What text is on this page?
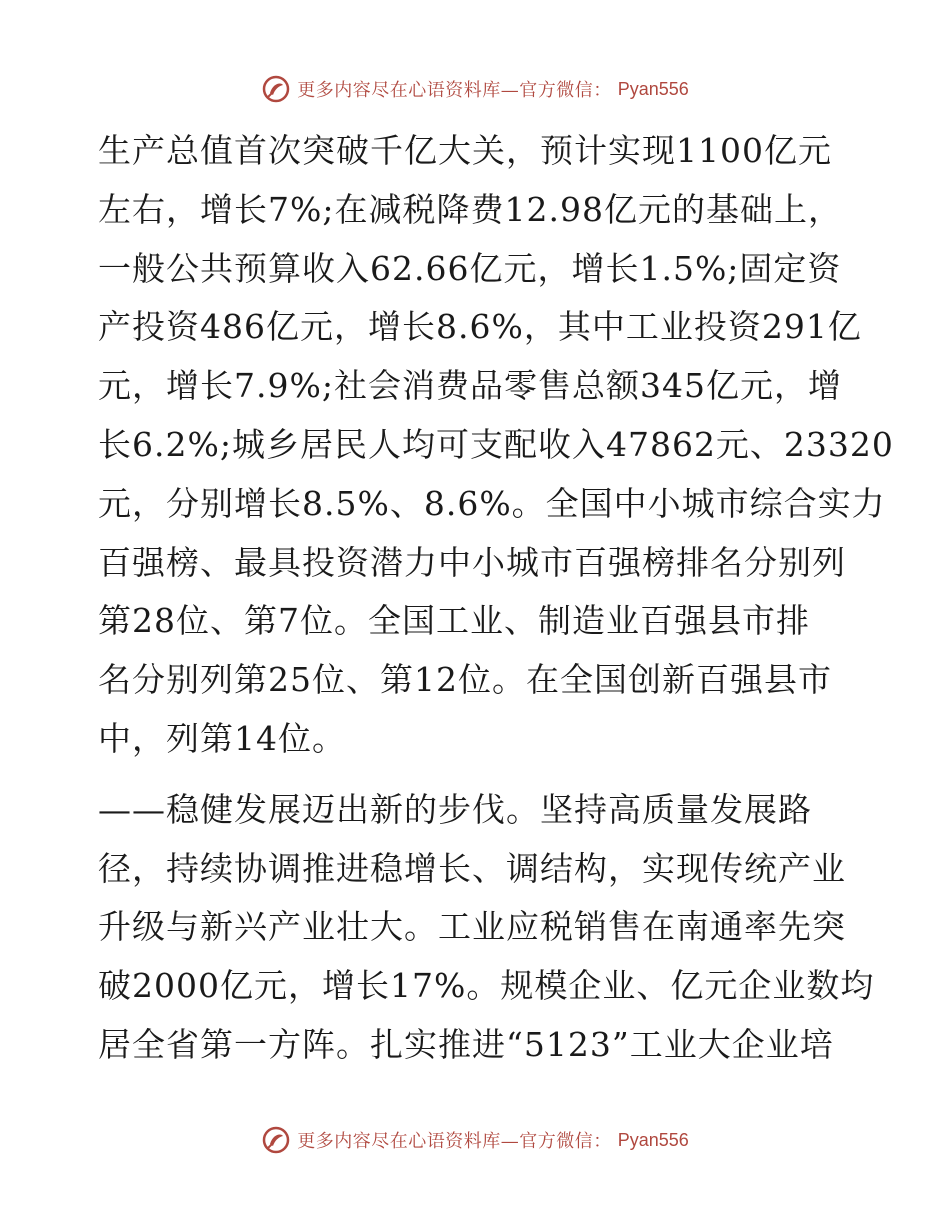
更多内容尽在心语资料库—官方微信： Pyan556
生产总值首次突破千亿大关，预计实现1100亿元
左右，增长7%;在减税降费12.98亿元的基础上，
一般公共预算收入62.66亿元，增长1.5%;固定资
产投资486亿元，增长8.6%，其中工业投资291亿
元，增长7.9%;社会消费品零售总额345亿元，增
长6.2%;城乡居民人均可支配收入47862元、23320
元，分别增长8.5%、8.6%。全国中小城市综合实力
百强榜、最具投资潜力中小城市百强榜排名分别列
第28位、第7位。全国工业、制造业百强县市排
名分别列第25位、第12位。在全国创新百强县市
中，列第14位。
——稳健发展迈出新的步伐。坚持高质量发展路
径，持续协调推进稳增长、调结构，实现传统产业
升级与新兴产业壮大。工业应税销售在南通率先突
破2000亿元，增长17%。规模企业、亿元企业数均
居全省第一方阵。扎实推进“5123”工业大企业培
更多内容尽在心语资料库—官方微信： Pyan556
